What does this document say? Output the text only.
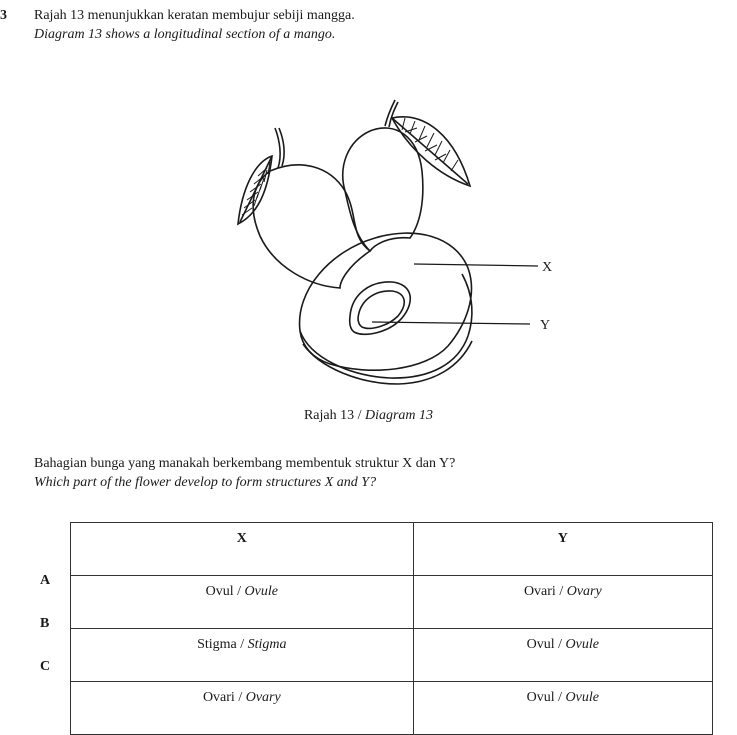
3 Rajah 13 menunjukkan keratan membujur sebiji mangga.
Diagram 13 shows a longitudinal section of a mango.
X
Y
Rajah 13 / Diagram 13
Bahagian bunga yang manakah berkembang membentuk struktur X dan Y?
Which part of the flower develop to form structures X and Y?
A
B
C
X	Y
Ovul / Ovule	Ovari / Ovary
Stigma / Stigma	Ovul / Ovule
Ovari / Ovary	Ovul / Ovule
